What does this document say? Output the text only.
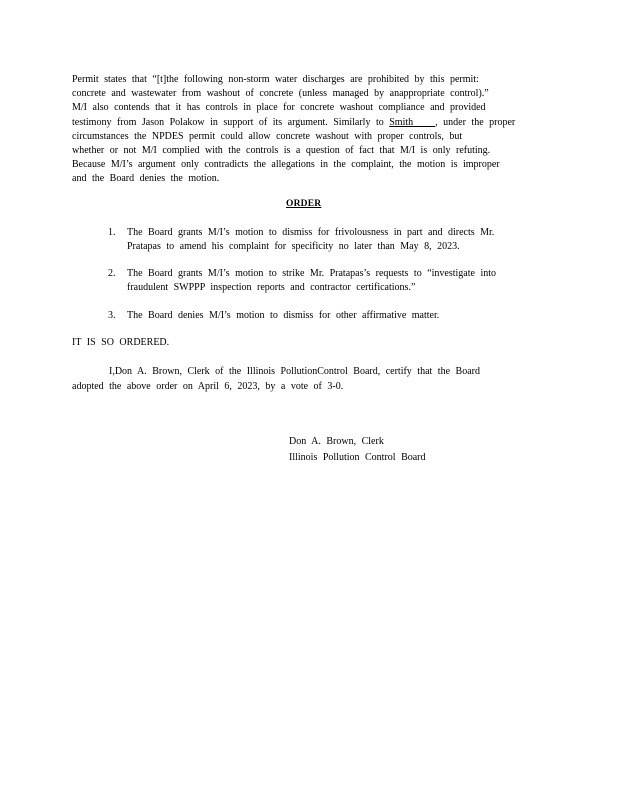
Permit states that “[t]the following non-storm water discharges are prohibited by this permit:
concrete and wastewater from washout of concrete (unless managed by anappropriate control).”
M/I also contends that it has controls in place for concrete washout compliance and provided
testimony from Jason Polakow in support of its argument. Similarly to Smith , under the proper
circumstances the NPDES permit could allow concrete washout with proper controls, but
whether or not M/I complied with the controls is a question of fact that M/I is only refuting.
Because M/I’s argument only contradicts the allegations in the complaint, the motion is improper
and the Board denies the motion.
ORDER
1. The Board grants M/I’s motion to dismiss for frivolousness in part and directs Mr.
Pratapas to amend his complaint for specificity no later than May 8, 2023.
2. The Board grants M/I’s motion to strike Mr. Pratapas’s requests to “investigate into
fraudulent SWPPP inspection reports and contractor certifications.”
3. The Board denies M/I’s motion to dismiss for other affirmative matter.
IT IS SO ORDERED.
I,Don A. Brown, Clerk of the Illinois PollutionControl Board, certify that the Board
adopted the above order on April 6, 2023, by a vote of 3-0.
Don A. Brown, Clerk
Illinois Pollution Control Board
